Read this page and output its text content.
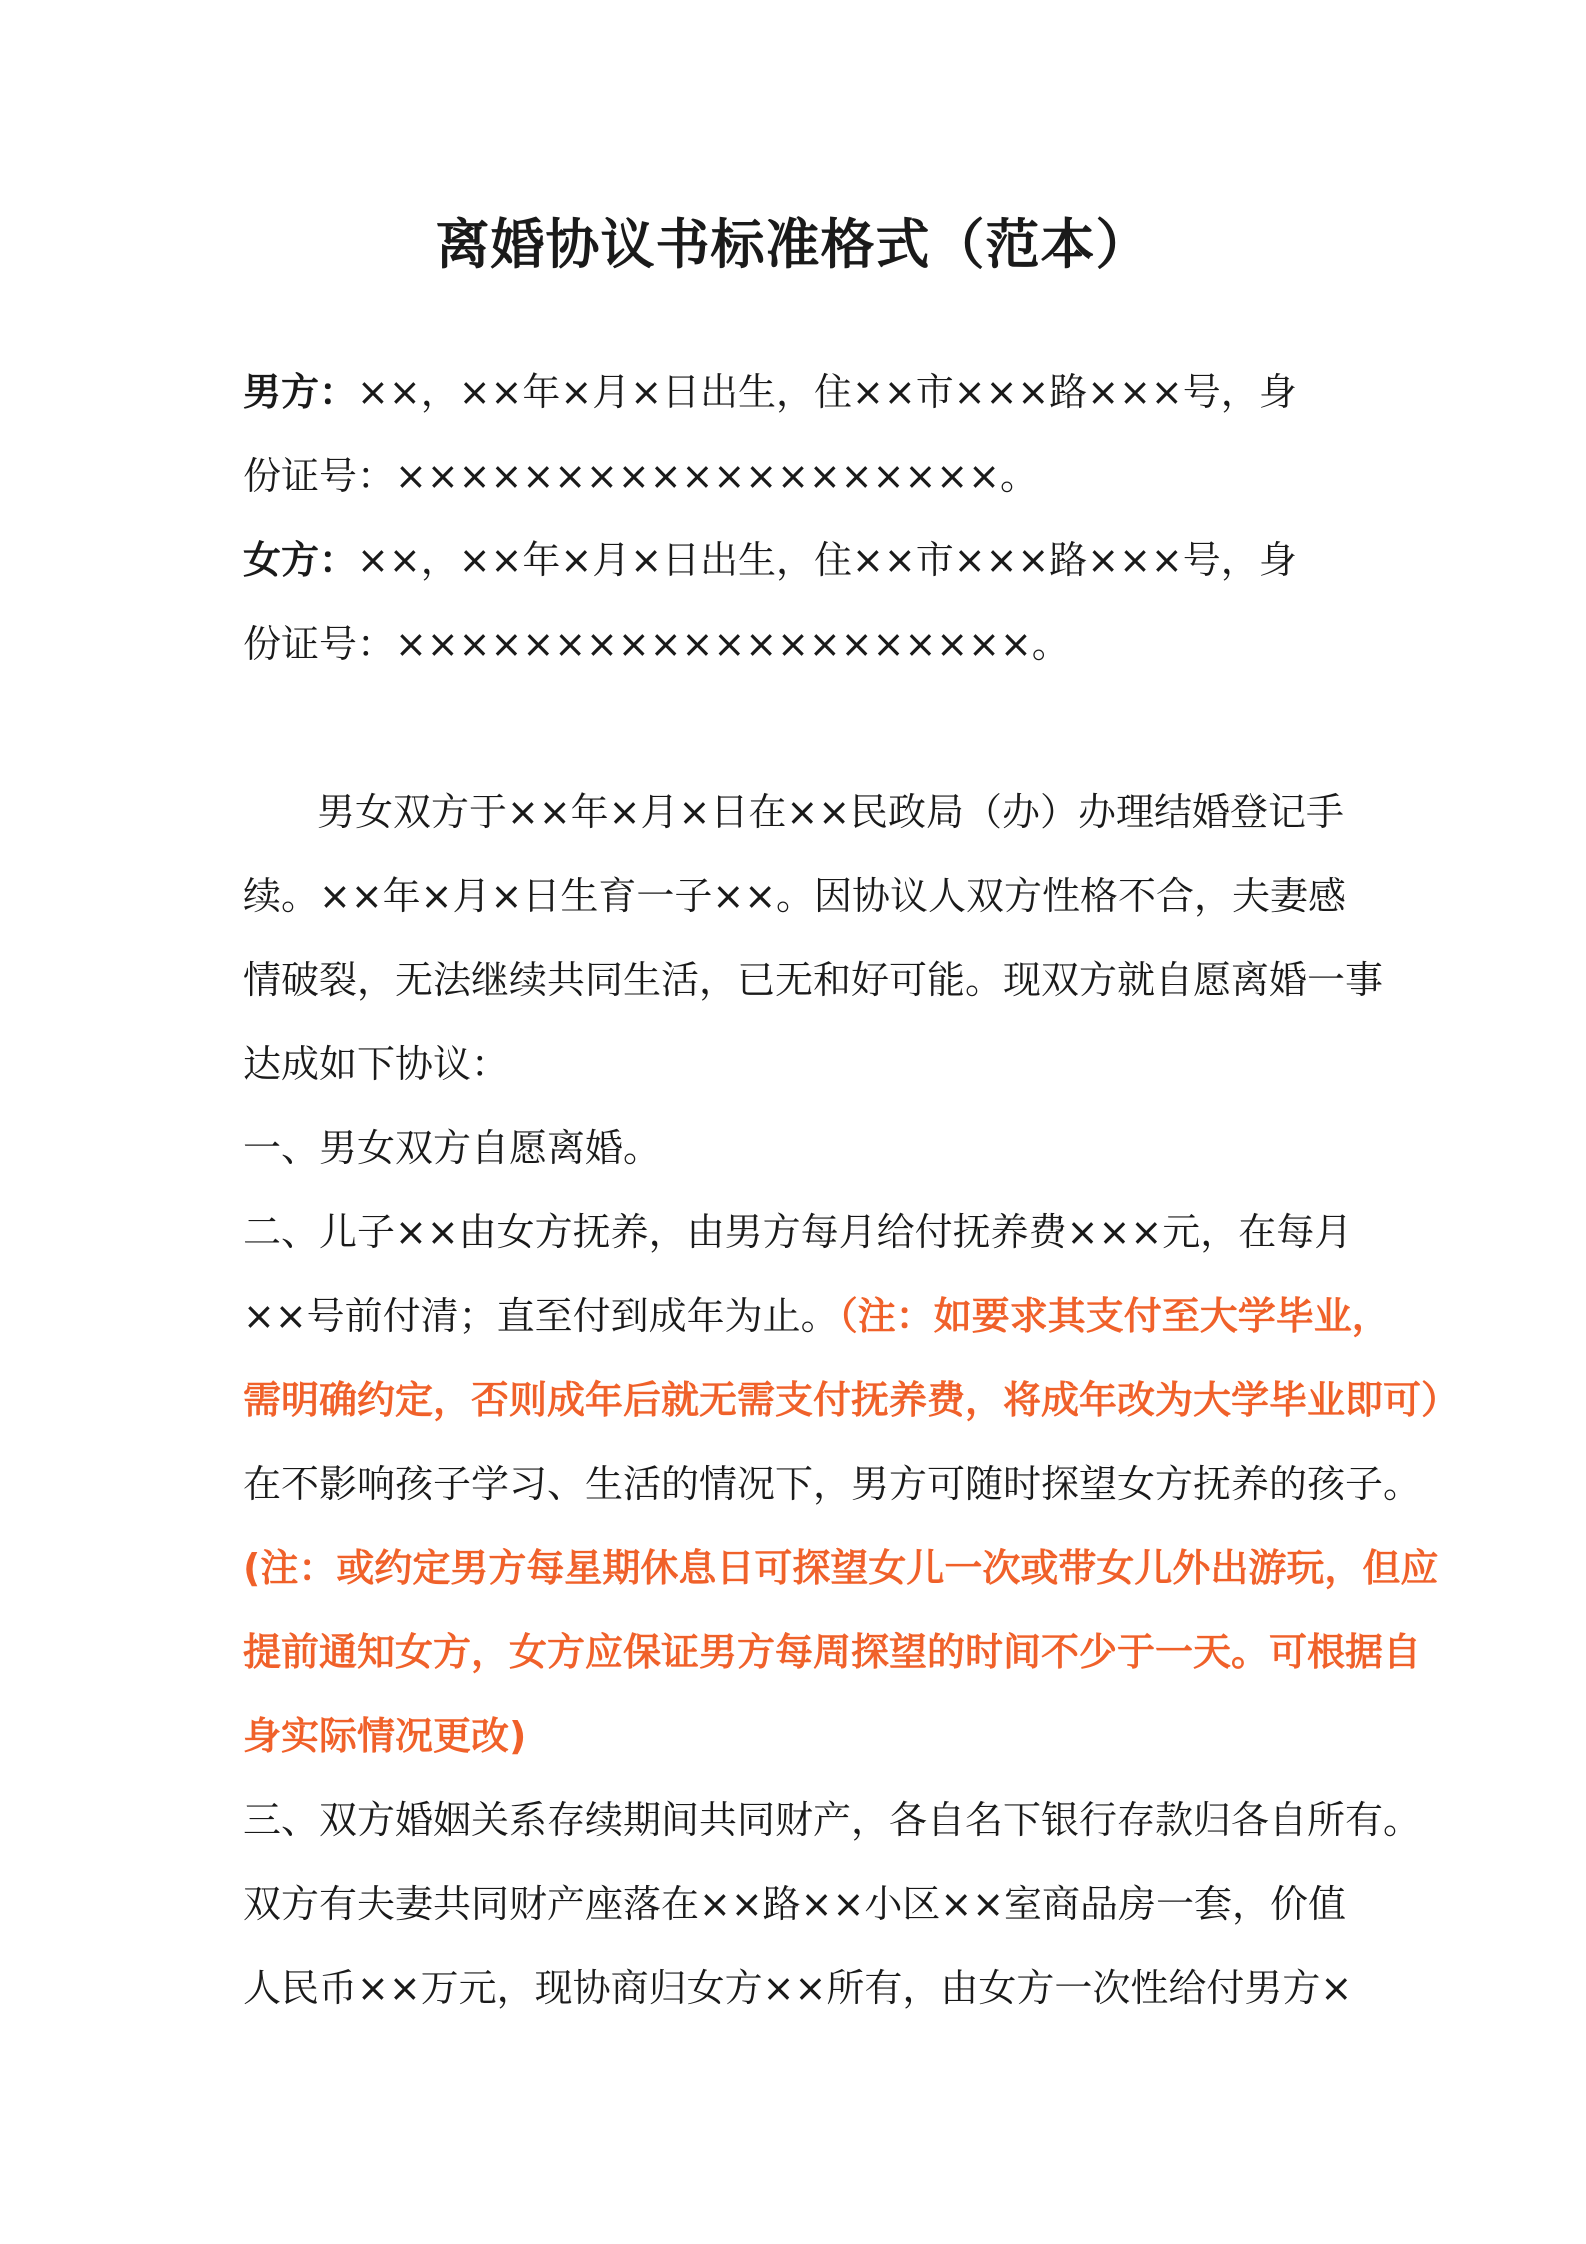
离婚协议书标准格式（范本）

男方：××，××年×月×日出生，住××市×××路×××号，身

份证号：×××××××××××××××××××。

女方：××，××年×月×日出生，住××市×××路×××号，身

份证号：××××××××××××××××××××。

男女双方于××年×月×日在××民政局（办）办理结婚登记手

续。××年×月×日生育一子××。因协议人双方性格不合，夫妻感

情破裂，无法继续共同生活，已无和好可能。现双方就自愿离婚一事

达成如下协议：

一、男女双方自愿离婚。

二、儿子××由女方抚养，由男方每月给付抚养费×××元，在每月

××号前付清；直至付到成年为止。（注：如要求其支付至大学毕业，

需明确约定，否则成年后就无需支付抚养费，将成年改为大学毕业即可）

在不影响孩子学习、生活的情况下，男方可随时探望女方抚养的孩子。

(注：或约定男方每星期休息日可探望女儿一次或带女儿外出游玩，但应

提前通知女方，女方应保证男方每周探望的时间不少于一天。可根据自

身实际情况更改)

三、双方婚姻关系存续期间共同财产，各自名下银行存款归各自所有。

双方有夫妻共同财产座落在××路××小区××室商品房一套，价值

人民币××万元，现协商归女方××所有，由女方一次性给付男方×
